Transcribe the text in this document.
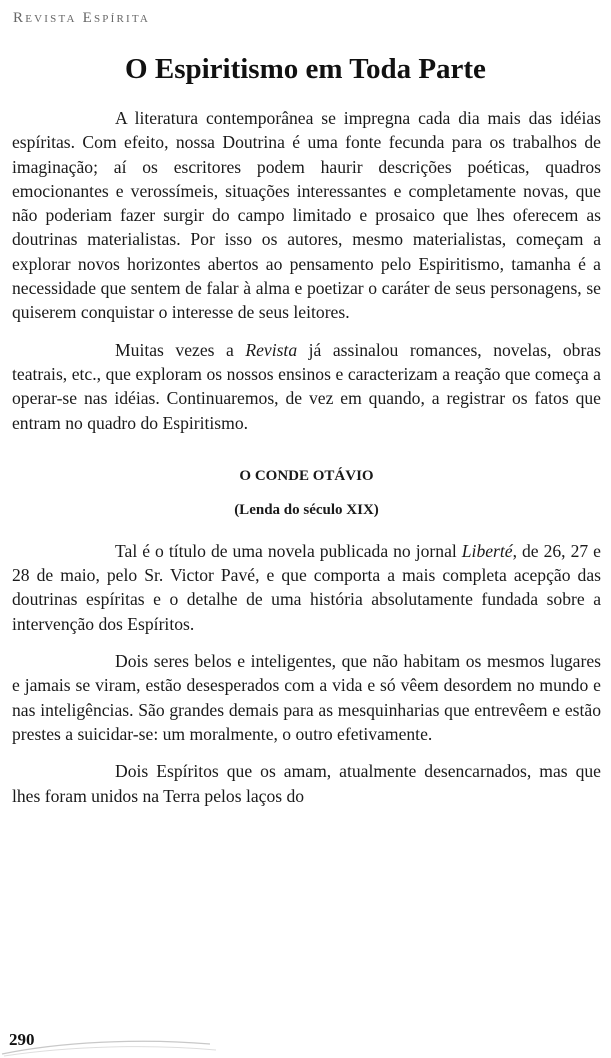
Revista Espírita
O Espiritismo em Toda Parte

A literatura contemporânea se impregna cada dia mais das idéias espíritas. Com efeito, nossa Doutrina é uma fonte fecunda para os trabalhos de imaginação; aí os escritores podem haurir descrições poéticas, quadros emocionantes e verossímeis, situações interessantes e completamente novas, que não poderiam fazer surgir do campo limitado e prosaico que lhes oferecem as doutrinas materialistas. Por isso os autores, mesmo materialistas, começam a explorar novos horizontes abertos ao pensamento pelo Espiritismo, tamanha é a necessidade que sentem de falar à alma e poetizar o caráter de seus personagens, se quiserem conquistar o interesse de seus leitores.

Muitas vezes a Revista já assinalou romances, novelas, obras teatrais, etc., que exploram os nossos ensinos e caracterizam a reação que começa a operar-se nas idéias. Continuaremos, de vez em quando, a registrar os fatos que entram no quadro do Espiritismo.

O CONDE OTÁVIO
(Lenda do século XIX)

Tal é o título de uma novela publicada no jornal Liberté, de 26, 27 e 28 de maio, pelo Sr. Victor Pavé, e que comporta a mais completa acepção das doutrinas espíritas e o detalhe de uma história absolutamente fundada sobre a intervenção dos Espíritos.

Dois seres belos e inteligentes, que não habitam os mesmos lugares e jamais se viram, estão desesperados com a vida e só vêem desordem no mundo e nas inteligências. São grandes demais para as mesquinharias que entrevêem e estão prestes a suicidar-se: um moralmente, o outro efetivamente.

Dois Espíritos que os amam, atualmente desencarnados, mas que lhes foram unidos na Terra pelos laços do

290
